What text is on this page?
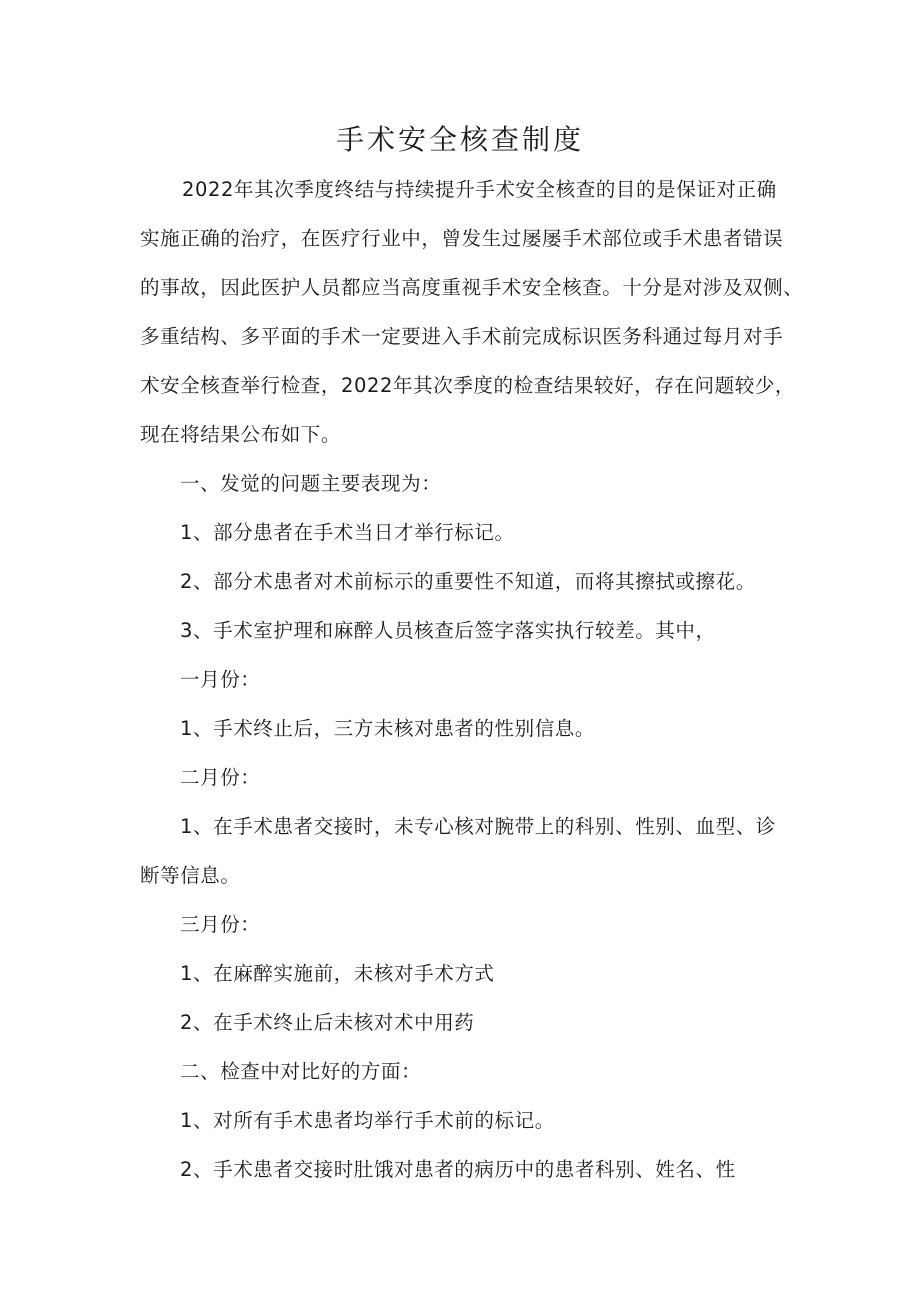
手术安全核查制度
2022年其次季度终结与持续提升手术安全核查的目的是保证对正确
实施正确的治疗，在医疗行业中，曾发生过屡屡手术部位或手术患者错误
的事故，因此医护人员都应当高度重视手术安全核查。十分是对涉及双侧、
多重结构、多平面的手术一定要进入手术前完成标识医务科通过每月对手
术安全核查举行检查，2022年其次季度的检查结果较好，存在问题较少，
现在将结果公布如下。
一、发觉的问题主要表现为：
1、部分患者在手术当日才举行标记。
2、部分术患者对术前标示的重要性不知道，而将其擦拭或擦花。
3、手术室护理和麻醉人员核查后签字落实执行较差。其中，
一月份：
1、手术终止后，三方未核对患者的性别信息。
二月份：
1、在手术患者交接时，未专心核对腕带上的科别、性别、血型、诊
断等信息。
三月份：
1、在麻醉实施前，未核对手术方式
2、在手术终止后未核对术中用药
二、检查中对比好的方面：
1、对所有手术患者均举行手术前的标记。
2、手术患者交接时肚饿对患者的病历中的患者科别、姓名、性
